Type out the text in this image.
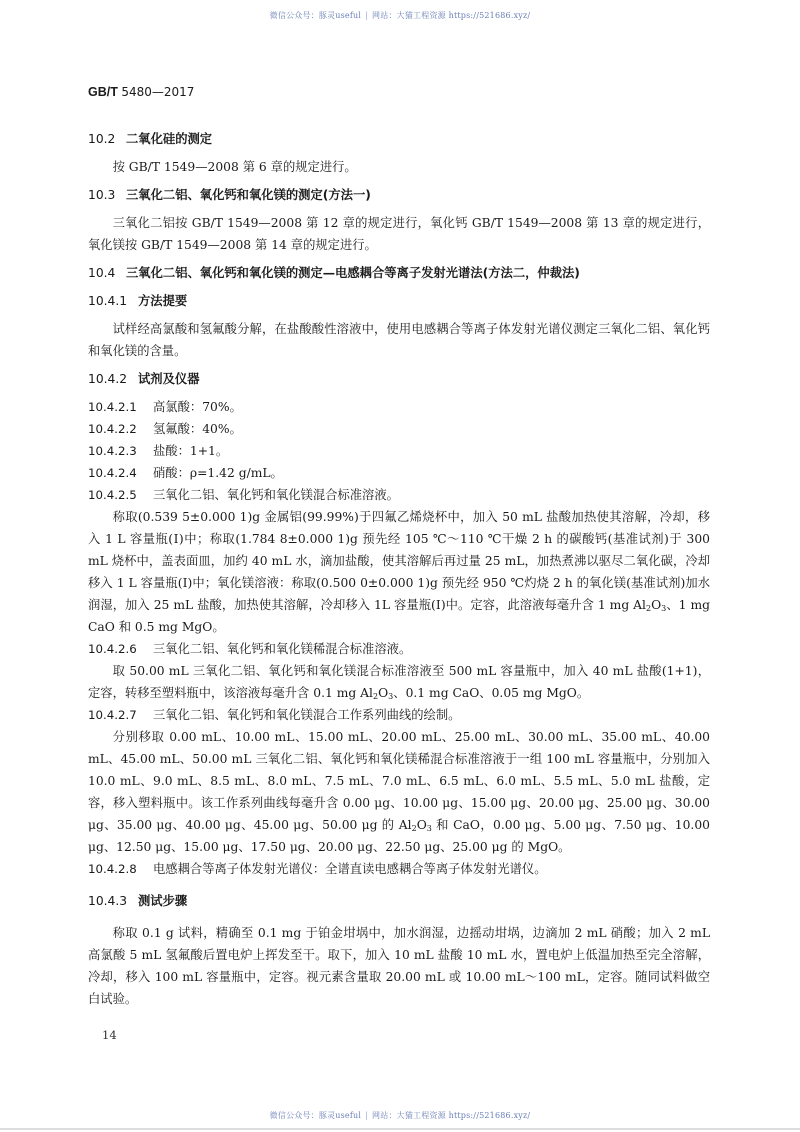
微信公众号：豚灵useful | 网站：大猫工程资源 https://521686.xyz/
GB/T 5480—2017

10.2 二氧化硅的测定

按 GB/T 1549—2008 第 6 章的规定进行。

10.3 三氧化二铝、氧化钙和氧化镁的测定(方法一)

三氧化二铝按 GB/T 1549—2008 第 12 章的规定进行，氧化钙 GB/T 1549—2008 第 13 章的规定进行，氧化镁按 GB/T 1549—2008 第 14 章的规定进行。

10.4 三氧化二铝、氧化钙和氧化镁的测定—电感耦合等离子发射光谱法(方法二，仲裁法)

10.4.1 方法提要

试样经高氯酸和氢氟酸分解，在盐酸酸性溶液中，使用电感耦合等离子体发射光谱仪测定三氧化二铝、氧化钙和氧化镁的含量。

10.4.2 试剂及仪器

10.4.2.1 高氯酸：70%。

10.4.2.2 氢氟酸：40%。

10.4.2.3 盐酸：1+1。

10.4.2.4 硝酸：ρ=1.42 g/mL。

10.4.2.5 三氧化二铝、氧化钙和氧化镁混合标准溶液。

称取(0.539 5±0.000 1)g 金属铝(99.99%)于四氟乙烯烧杯中，加入 50 mL 盐酸加热使其溶解，冷却，移入 1 L 容量瓶(Ⅰ)中；称取(1.784 8±0.000 1)g 预先经 105 ℃～110 ℃干燥 2 h 的碳酸钙(基准试剂)于 300 mL 烧杯中，盖表面皿，加约 40 mL 水，滴加盐酸，使其溶解后再过量 25 mL，加热煮沸以驱尽二氧化碳，冷却移入 1 L 容量瓶(Ⅰ)中；氧化镁溶液：称取(0.500 0±0.000 1)g 预先经 950 ℃灼烧 2 h 的氧化镁(基准试剂)加水润湿，加入 25 mL 盐酸，加热使其溶解，冷却移入 1L 容量瓶(Ⅰ)中。定容，此溶液每毫升含 1 mg $Al_2O_3$、1 mg CaO 和 0.5 mg MgO。

10.4.2.6 三氧化二铝、氧化钙和氧化镁稀混合标准溶液。

取 50.00 mL 三氧化二铝、氧化钙和氧化镁混合标准溶液至 500 mL 容量瓶中，加入 40 mL 盐酸(1+1)，定容，转移至塑料瓶中，该溶液每毫升含 0.1 mg $Al_2O_3$、0.1 mg CaO、0.05 mg MgO。

10.4.2.7 三氧化二铝、氧化钙和氧化镁混合工作系列曲线的绘制。

分别移取 0.00 mL、10.00 mL、15.00 mL、20.00 mL、25.00 mL、30.00 mL、35.00 mL、40.00 mL、45.00 mL、50.00 mL 三氧化二铝、氧化钙和氧化镁稀混合标准溶液于一组 100 mL 容量瓶中，分别加入 10.0 mL、9.0 mL、8.5 mL、8.0 mL、7.5 mL、7.0 mL、6.5 mL、6.0 mL、5.5 mL、5.0 mL 盐酸，定容，移入塑料瓶中。该工作系列曲线每毫升含 0.00 μg、10.00 μg、15.00 μg、20.00 μg、25.00 μg、30.00 μg、35.00 μg、40.00 μg、45.00 μg、50.00 μg 的 $Al_2O_3$ 和 CaO，0.00 μg、5.00 μg、7.50 μg、10.00 μg、12.50 μg、15.00 μg、17.50 μg、20.00 μg、22.50 μg、25.00 μg 的 MgO。

10.4.2.8 电感耦合等离子体发射光谱仪：全谱直读电感耦合等离子体发射光谱仪。

10.4.3 测试步骤

称取 0.1 g 试料，精确至 0.1 mg 于铂金坩埚中，加水润湿，边摇动坩埚，边滴加 2 mL 硝酸；加入 2 mL 高氯酸 5 mL 氢氟酸后置电炉上挥发至干。取下，加入 10 mL 盐酸 10 mL 水，置电炉上低温加热至完全溶解，冷却，移入 100 mL 容量瓶中，定容。视元素含量取 20.00 mL 或 10.00 mL～100 mL，定容。随同试料做空白试验。

14
微信公众号：豚灵useful | 网站：大猫工程资源 https://521686.xyz/
